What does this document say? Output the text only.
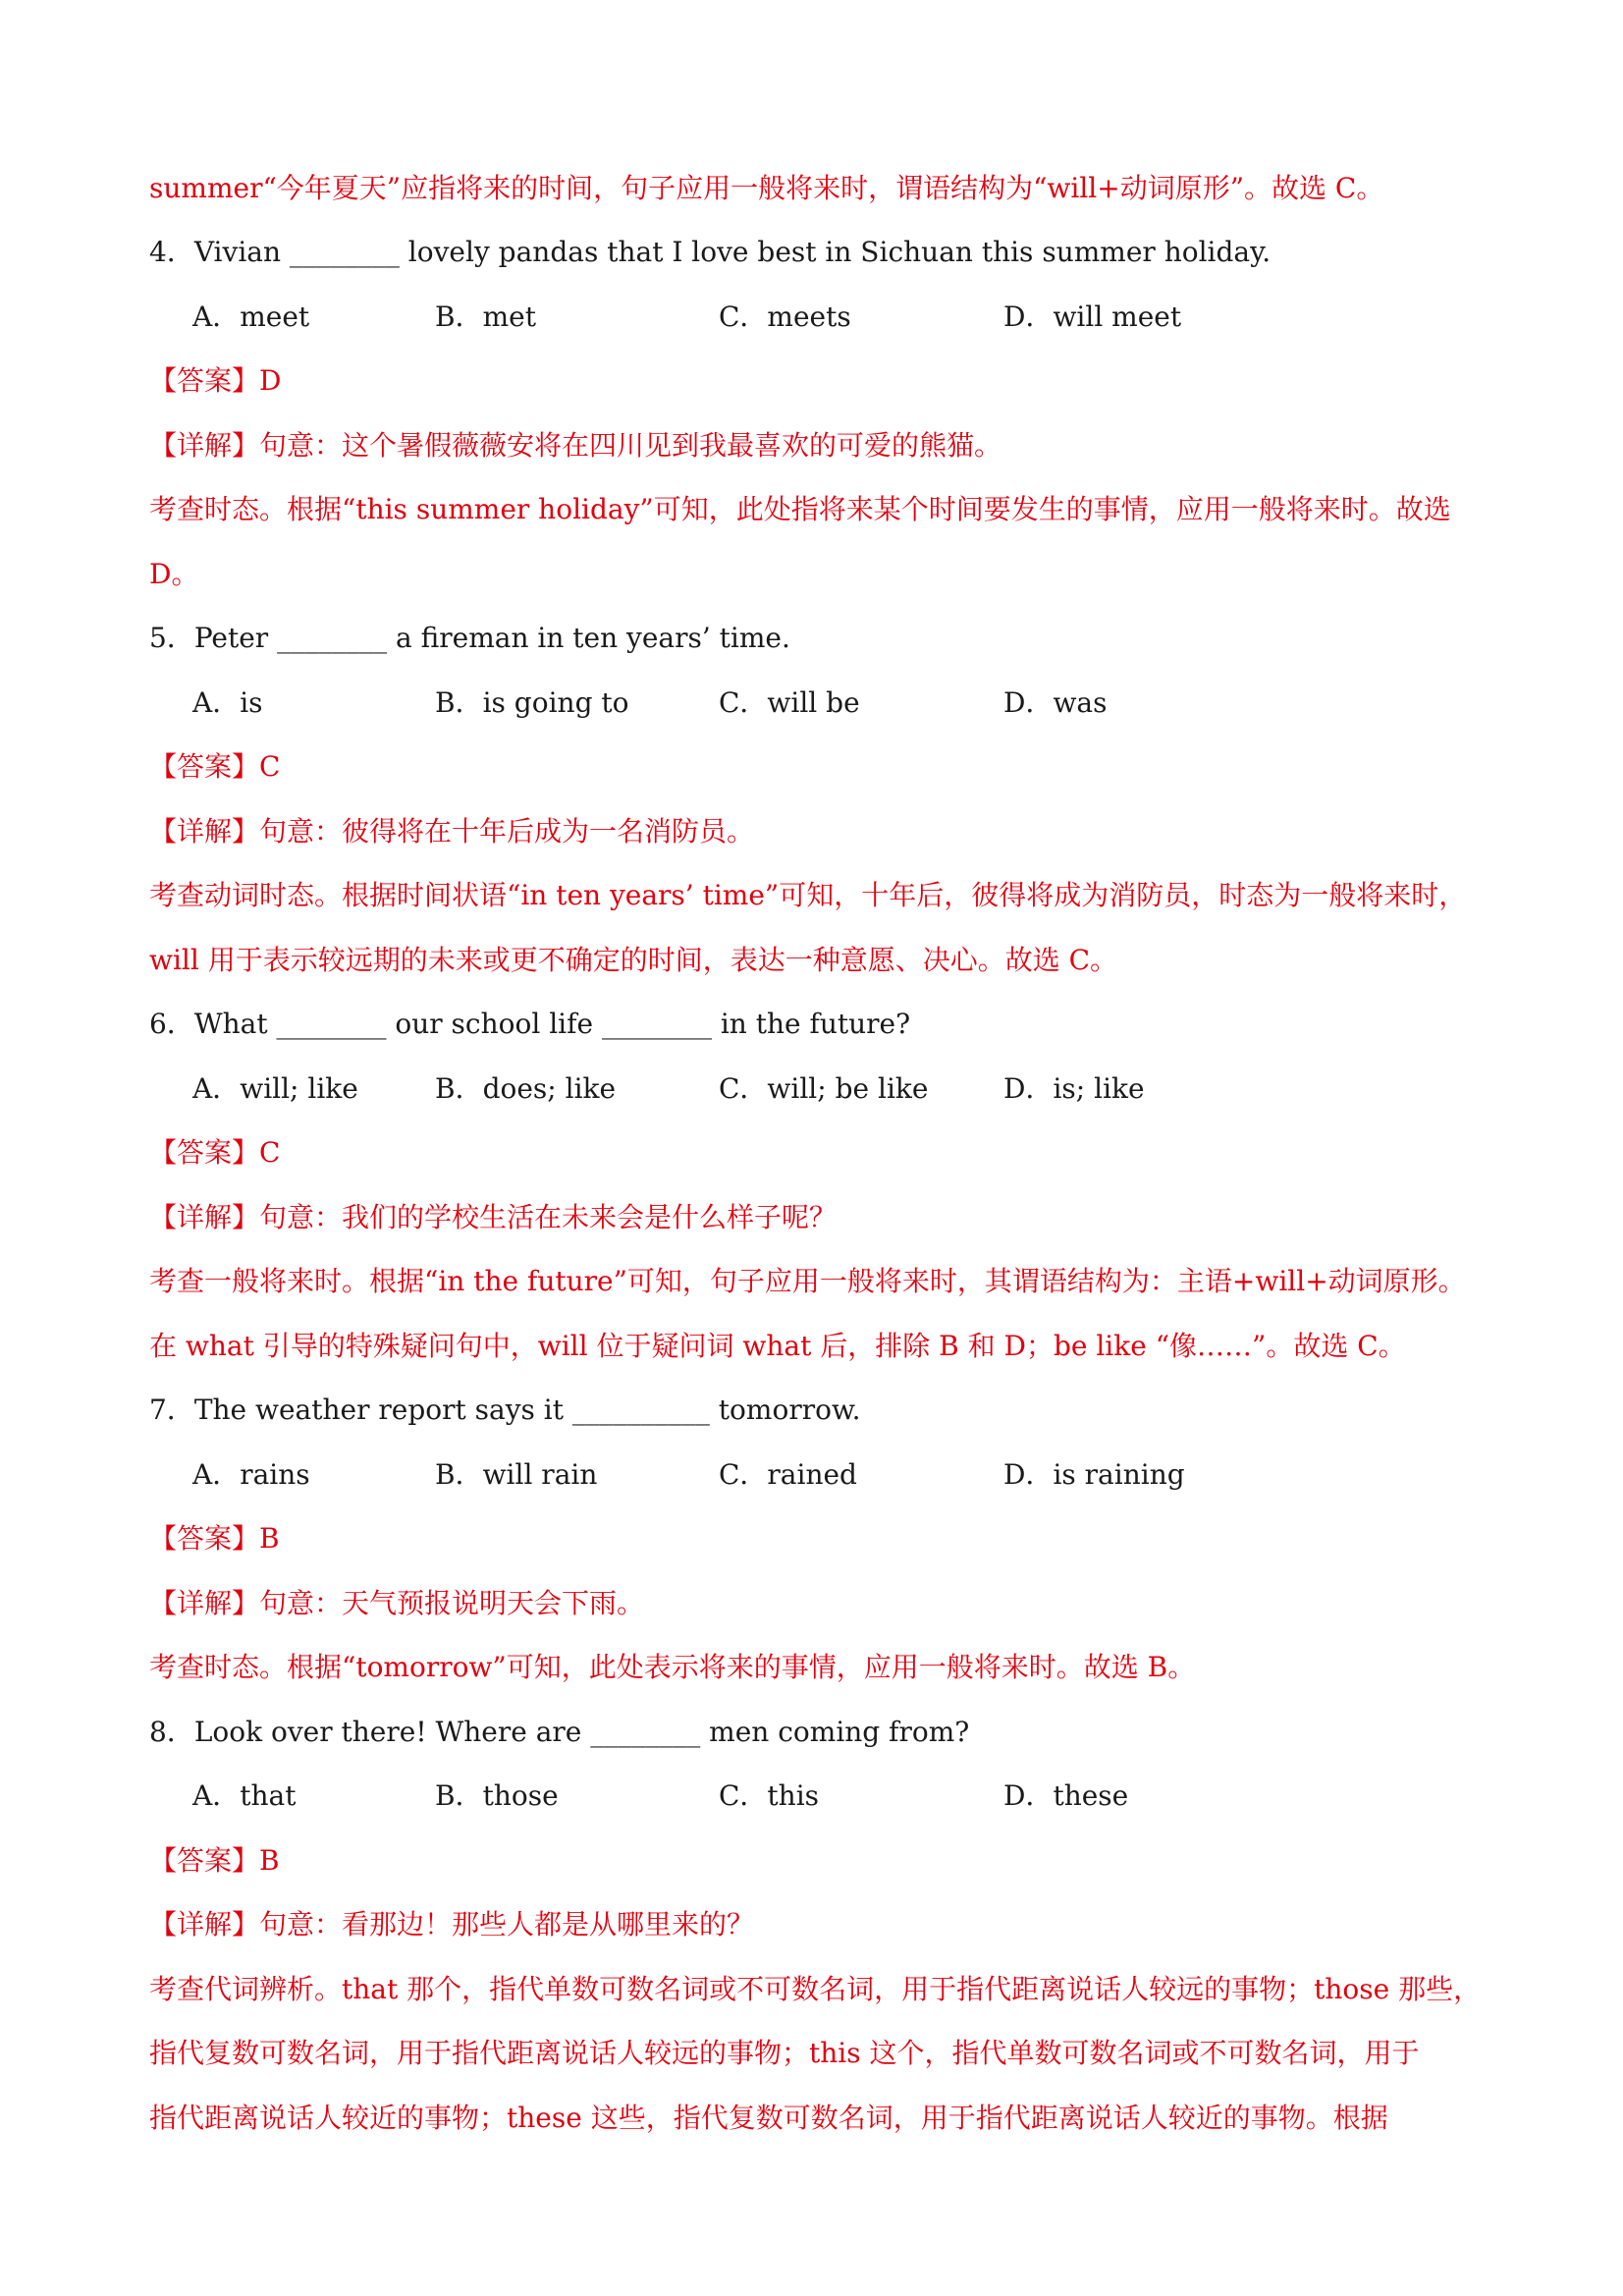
summer“今年夏天”应指将来的时间，句子应用一般将来时，谓语结构为“will+动词原形”。故选 C。
4．Vivian ________ lovely pandas that I love best in Sichuan this summer holiday.
A．meet	B．met	C．meets	D．will meet
【答案】D
【详解】句意：这个暑假薇薇安将在四川见到我最喜欢的可爱的熊猫。
考查时态。根据“this summer holiday”可知，此处指将来某个时间要发生的事情，应用一般将来时。故选
D。
5．Peter ________ a fireman in ten years’ time.
A．is	B．is going to	C．will be	D．was
【答案】C
【详解】句意：彼得将在十年后成为一名消防员。
考查动词时态。根据时间状语“in ten years’ time”可知，十年后，彼得将成为消防员，时态为一般将来时，
will 用于表示较远期的未来或更不确定的时间，表达一种意愿、决心。故选 C。
6．What ________ our school life ________ in the future?
A．will; like	B．does; like	C．will; be like	D．is; like
【答案】C
【详解】句意：我们的学校生活在未来会是什么样子呢？
考查一般将来时。根据“in the future”可知，句子应用一般将来时，其谓语结构为：主语+will+动词原形。
在 what 引导的特殊疑问句中，will 位于疑问词 what 后，排除 B 和 D；be like “像……”。故选 C。
7．The weather report says it __________ tomorrow.
A．rains	B．will rain	C．rained	D．is raining
【答案】B
【详解】句意：天气预报说明天会下雨。
考查时态。根据“tomorrow”可知，此处表示将来的事情，应用一般将来时。故选 B。
8．Look over there! Where are ________ men coming from?
A．that	B．those	C．this	D．these
【答案】B
【详解】句意：看那边！那些人都是从哪里来的？
考查代词辨析。that 那个，指代单数可数名词或不可数名词，用于指代距离说话人较远的事物；those 那些，
指代复数可数名词，用于指代距离说话人较远的事物；this 这个，指代单数可数名词或不可数名词，用于
指代距离说话人较近的事物；these 这些，指代复数可数名词，用于指代距离说话人较近的事物。根据
